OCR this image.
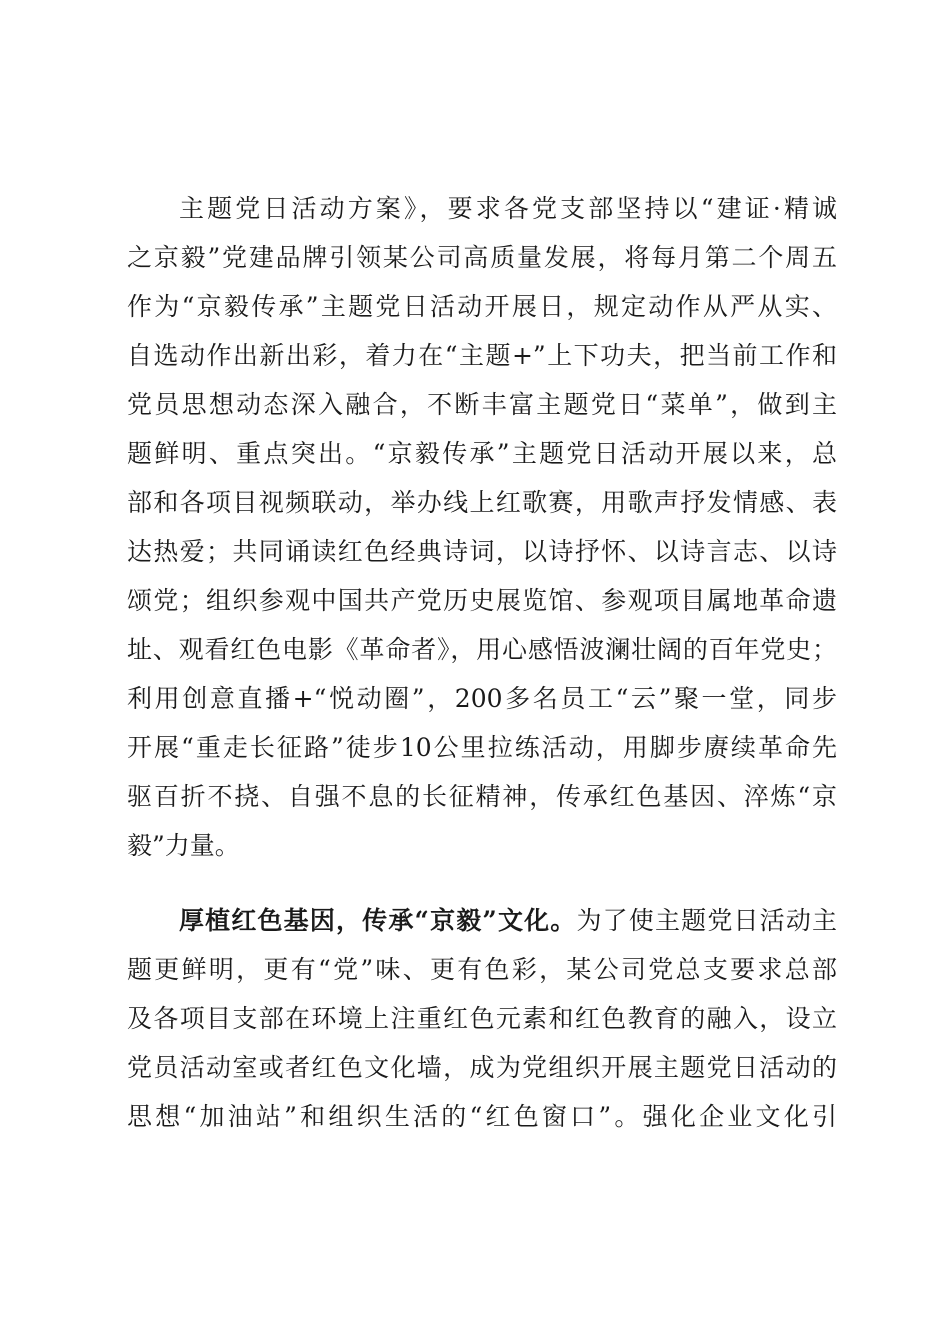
主题党日活动方案》，要求各党支部坚持以“建证·精诚
之京毅”党建品牌引领某公司高质量发展，将每月第二个周五
作为“京毅传承”主题党日活动开展日，规定动作从严从实、
自选动作出新出彩，着力在“主题+”上下功夫，把当前工作和
党员思想动态深入融合，不断丰富主题党日“菜单”，做到主
题鲜明、重点突出。“京毅传承”主题党日活动开展以来，总
部和各项目视频联动，举办线上红歌赛，用歌声抒发情感、表
达热爱；共同诵读红色经典诗词，以诗抒怀、以诗言志、以诗
颂党；组织参观中国共产党历史展览馆、参观项目属地革命遗
址、观看红色电影《革命者》，用心感悟波澜壮阔的百年党史；
利用创意直播+“悦动圈”，200多名员工“云”聚一堂，同步
开展“重走长征路”徒步10公里拉练活动，用脚步赓续革命先
驱百折不挠、自强不息的长征精神，传承红色基因、淬炼“京
毅”力量。
厚植红色基因，传承“京毅”文化。为了使主题党日活动主
题更鲜明，更有“党”味、更有色彩，某公司党总支要求总部
及各项目支部在环境上注重红色元素和红色教育的融入，设立
党员活动室或者红色文化墙，成为党组织开展主题党日活动的
思想“加油站”和组织生活的“红色窗口”。强化企业文化引
